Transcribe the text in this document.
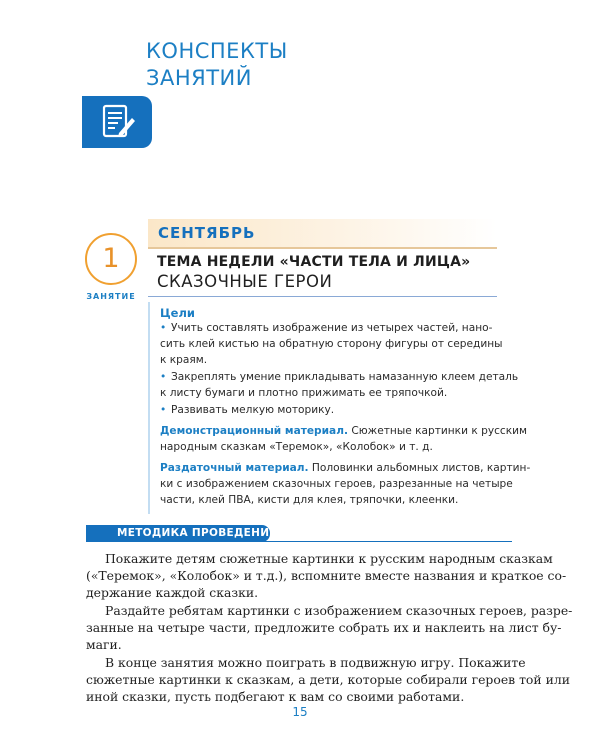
КОНСПЕКТЫ
ЗАНЯТИЙ
СЕНТЯБРЬ
1
ЗАНЯТИЕ
ТЕМА НЕДЕЛИ «ЧАСТИ ТЕЛА И ЛИЦА»
СКАЗОЧНЫЕ ГЕРОИ
Цели
• Учить составлять изображение из четырех частей, нано-
сить клей кистью на обратную сторону фигуры от середины
к краям.
• Закреплять умение прикладывать намазанную клеем деталь
к листу бумаги и плотно прижимать ее тряпочкой.
• Развивать мелкую моторику.
Демонстрационный материал. Сюжетные картинки к русским
народным сказкам «Теремок», «Колобок» и т. д.
Раздаточный материал. Половинки альбомных листов, картин-
ки с изображением сказочных героев, разрезанные на четыре
части, клей ПВА, кисти для клея, тряпочки, клеенки.
МЕТОДИКА ПРОВЕДЕНИЯ
Покажите детям сюжетные картинки к русским народным сказкам
(«Теремок», «Колобок» и т.д.), вспомните вместе названия и краткое со-
держание каждой сказки.
Раздайте ребятам картинки с изображением сказочных героев, разре-
занные на четыре части, предложите собрать их и наклеить на лист бу-
маги.
В конце занятия можно поиграть в подвижную игру. Покажите
сюжетные картинки к сказкам, а дети, которые собирали героев той или
иной сказки, пусть подбегают к вам со своими работами.
15
